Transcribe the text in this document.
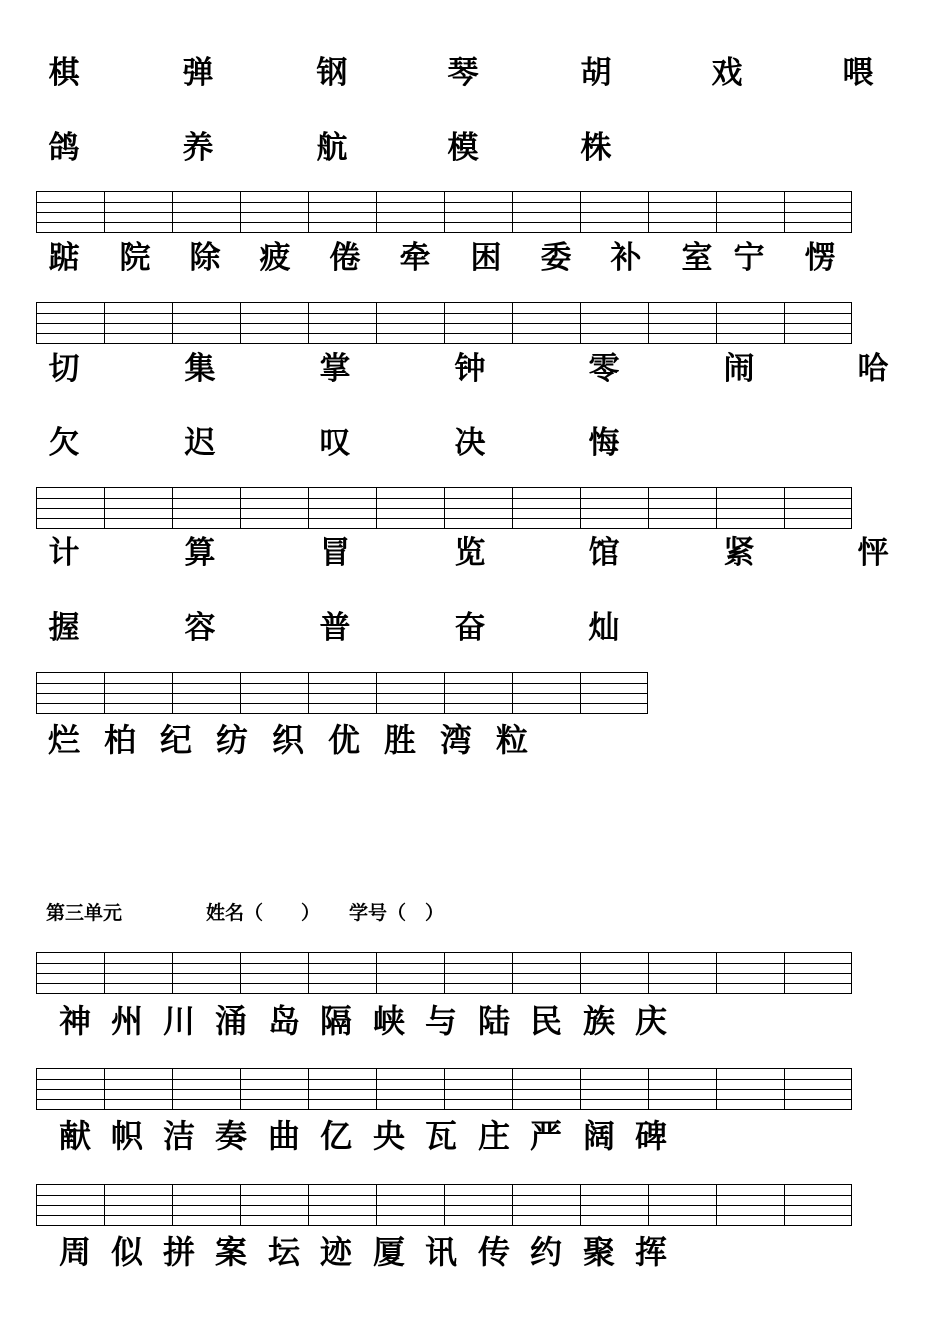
棋	弹	钢	琴	胡	戏	喂
鸽	养	航	模	株
踮 院 除 疲 倦 牵 困 委 补 室 宁 愣
切	集	掌	钟	零	闹	哈
欠	迟	叹	决	悔
计	算	冒	览	馆	紧	怦
握	容	普	奋	灿
烂 柏 纪 纺 织 优 胜 湾 粒
神 州 川 涌 岛 隔 峡 与 陆 民 族 庆
献 帜 洁 奏 曲 亿 央 瓦 庄 严 阔 碑
周 似 拼 案 坛 迹 厦 讯 传 约 聚 挥
第三单元	姓名（　　） 学号（　）
